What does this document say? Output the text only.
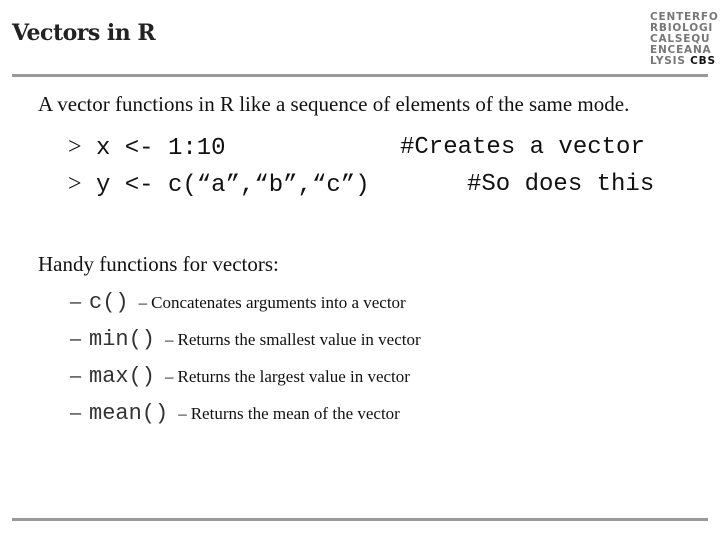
Vectors in R
CENTERFO
RBIOLOGI
CALSEQU
ENCEANA
LYSIS CBS
A vector functions in R like a sequence of elements of the same mode.
> x <- 1:10	#Creates a vector
> y <- c(“a”,“b”,“c”)	#So does this
Handy functions for vectors:
– c() – Concatenates arguments into a vector
– min() – Returns the smallest value in vector
– max() – Returns the largest value in vector
– mean() – Returns the mean of the vector
